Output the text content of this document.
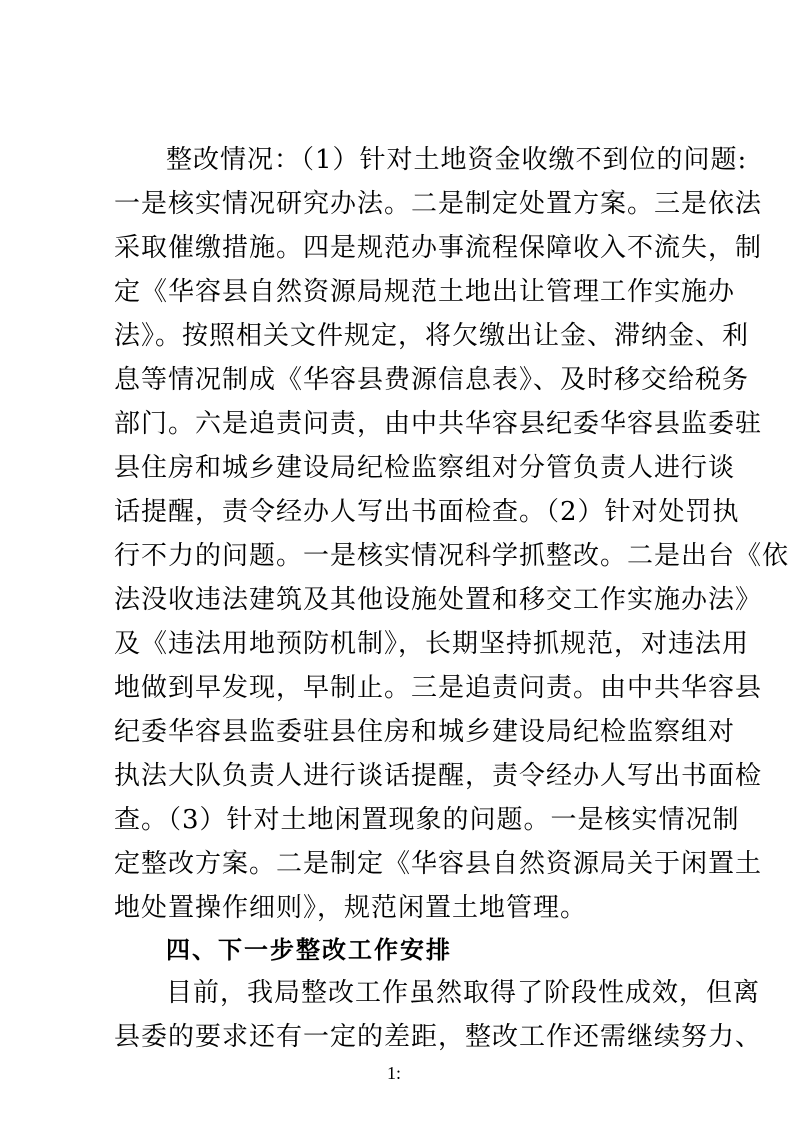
整改情况：（1）针对土地资金收缴不到位的问题:
一是核实情况研究办法。二是制定处置方案。三是依法
采取催缴措施。四是规范办事流程保障收入不流失，制
定《华容县自然资源局规范土地出让管理工作实施办
法》。按照相关文件规定，将欠缴出让金、滞纳金、利
息等情况制成《华容县费源信息表》、及时移交给税务
部门。六是追责问责，由中共华容县纪委华容县监委驻
县住房和城乡建设局纪检监察组对分管负责人进行谈
话提醒，责令经办人写出书面检查。（2）针对处罚执
行不力的问题。一是核实情况科学抓整改。二是出台《依
法没收违法建筑及其他设施处置和移交工作实施办法》
及《违法用地预防机制》，长期坚持抓规范，对违法用
地做到早发现，早制止。三是追责问责。由中共华容县
纪委华容县监委驻县住房和城乡建设局纪检监察组对
执法大队负责人进行谈话提醒，责令经办人写出书面检
查。（3）针对土地闲置现象的问题。一是核实情况制
定整改方案。二是制定《华容县自然资源局关于闲置土
地处置操作细则》，规范闲置土地管理。
四、下一步整改工作安排
目前，我局整改工作虽然取得了阶段性成效，但离
县委的要求还有一定的差距，整改工作还需继续努力、
1:
